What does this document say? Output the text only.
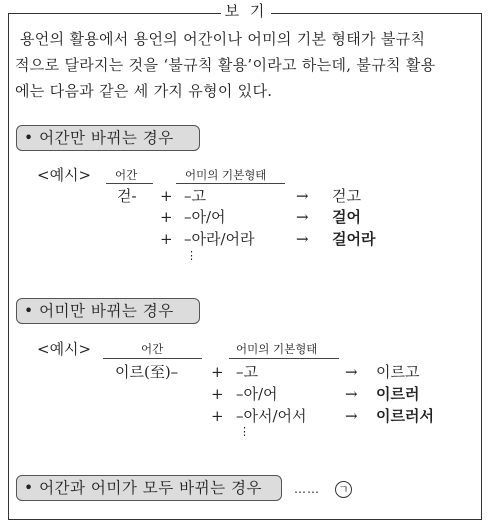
보 기
용언의 활용에서 용언의 어간이나 어미의 기본 형태가 불규칙
적으로 달라지는 것을 ‘불규칙 활용’이라고 하는데, 불규칙 활용
에는 다음과 같은 세 가지 유형이 있다.
• 어간만 바뀌는 경우
<예시> 어간	어미의 기본형태
걷- + –고	→ 걷고
+ –아/어	→ 걸어
+ –아라/어라	→ 걸어라
⋮
• 어미만 바뀌는 경우
<예시>	어간	어미의 기본형태
이르(至)– + –고	→ 이르고
+ –아/어	→ 이르러
+ –아서/어서	→ 이르러서
⋮
• 어간과 어미가 모두 바뀌는 경우	…… ㄱ
